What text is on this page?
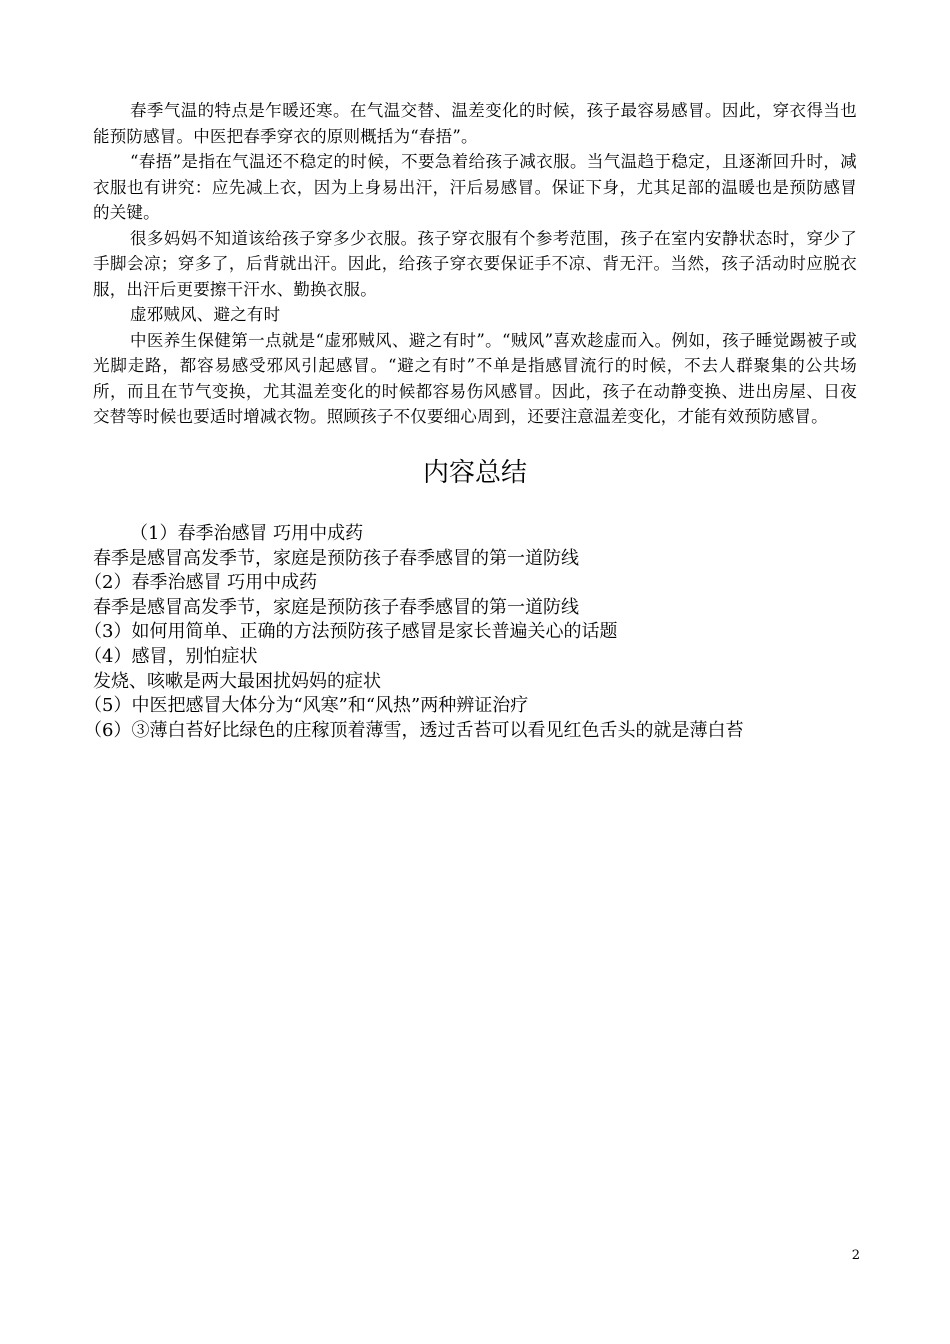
春季气温的特点是乍暖还寒。在气温交替、温差变化的时候，孩子最容易感冒。因此，穿衣得当也能预防感冒。中医把春季穿衣的原则概括为“春捂”。

“春捂”是指在气温还不稳定的时候，不要急着给孩子减衣服。当气温趋于稳定，且逐渐回升时，减衣服也有讲究：应先减上衣，因为上身易出汗，汗后易感冒。保证下身，尤其足部的温暖也是预防感冒的关键。

很多妈妈不知道该给孩子穿多少衣服。孩子穿衣服有个参考范围，孩子在室内安静状态时，穿少了手脚会凉；穿多了，后背就出汗。因此，给孩子穿衣要保证手不凉、背无汗。当然，孩子活动时应脱衣服，出汗后更要擦干汗水、勤换衣服。

虚邪贼风、避之有时

中医养生保健第一点就是“虚邪贼风、避之有时”。“贼风”喜欢趁虚而入。例如，孩子睡觉踢被子或光脚走路，都容易感受邪风引起感冒。“避之有时”不单是指感冒流行的时候，不去人群聚集的公共场所，而且在节气变换，尤其温差变化的时候都容易伤风感冒。因此，孩子在动静变换、进出房屋、日夜交替等时候也要适时增减衣物。照顾孩子不仅要细心周到，还要注意温差变化，才能有效预防感冒。

内容总结
（1）春季治感冒 巧用中成药
春季是感冒高发季节，家庭是预防孩子春季感冒的第一道防线
（2）春季治感冒 巧用中成药
春季是感冒高发季节，家庭是预防孩子春季感冒的第一道防线
（3）如何用简单、正确的方法预防孩子感冒是家长普遍关心的话题
（4）感冒，别怕症状
发烧、咳嗽是两大最困扰妈妈的症状
（5）中医把感冒大体分为“风寒”和“风热”两种辨证治疗
（6）③薄白苔好比绿色的庄稼顶着薄雪，透过舌苔可以看见红色舌头的就是薄白苔
2
